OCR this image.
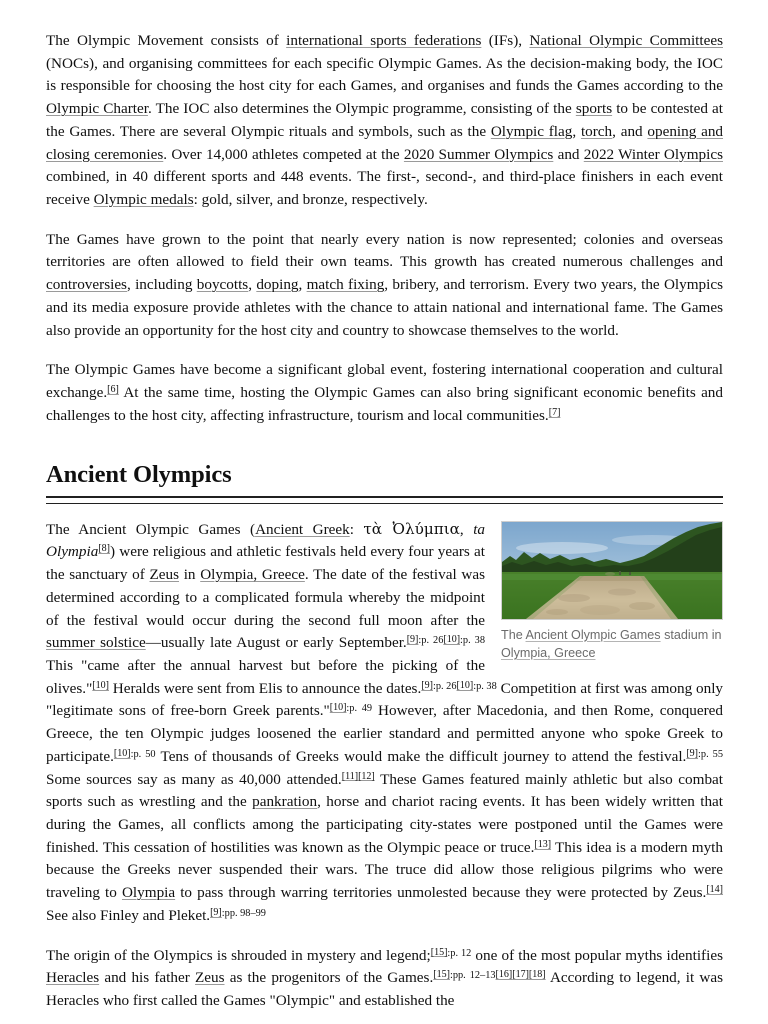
The Olympic Movement consists of international sports federations (IFs), National Olympic Committees (NOCs), and organising committees for each specific Olympic Games. As the decision-making body, the IOC is responsible for choosing the host city for each Games, and organises and funds the Games according to the Olympic Charter. The IOC also determines the Olympic programme, consisting of the sports to be contested at the Games. There are several Olympic rituals and symbols, such as the Olympic flag, torch, and opening and closing ceremonies. Over 14,000 athletes competed at the 2020 Summer Olympics and 2022 Winter Olympics combined, in 40 different sports and 448 events. The first-, second-, and third-place finishers in each event receive Olympic medals: gold, silver, and bronze, respectively.

The Games have grown to the point that nearly every nation is now represented; colonies and overseas territories are often allowed to field their own teams. This growth has created numerous challenges and controversies, including boycotts, doping, match fixing, bribery, and terrorism. Every two years, the Olympics and its media exposure provide athletes with the chance to attain national and international fame. The Games also provide an opportunity for the host city and country to showcase themselves to the world.

The Olympic Games have become a significant global event, fostering international cooperation and cultural exchange.[6] At the same time, hosting the Olympic Games can also bring significant economic benefits and challenges to the host city, affecting infrastructure, tourism and local communities.[7]

Ancient Olympics
The Ancient Olympic Games stadium in Olympia, Greece

The Ancient Olympic Games (Ancient Greek: τὰ Ὀλύμπια, ta Olympia[8]) were religious and athletic festivals held every four years at the sanctuary of Zeus in Olympia, Greece. The date of the festival was determined according to a complicated formula whereby the midpoint of the festival would occur during the second full moon after the summer solstice—usually late August or early September.$^{[9]:p. 26[10]:p. 38}$ This "came after the annual harvest but before the picking of the olives."[10] Heralds were sent from Elis to announce the dates.$^{[9]:p. 26[10]:p. 38}$ Competition at first was among only "legitimate sons of free-born Greek parents."$^{[10]:p. 49}$ However, after Macedonia, and then Rome, conquered Greece, the ten Olympic judges loosened the earlier standard and permitted anyone who spoke Greek to participate.$^{[10]:p. 50}$ Tens of thousands of Greeks would make the difficult journey to attend the festival.$^{[9]:p. 55}$ Some sources say as many as 40,000 attended.[11][12] These Games featured mainly athletic but also combat sports such as wrestling and the pankration, horse and chariot racing events. It has been widely written that during the Games, all conflicts among the participating city-states were postponed until the Games were finished. This cessation of hostilities was known as the Olympic peace or truce.[13] This idea is a modern myth because the Greeks never suspended their wars. The truce did allow those religious pilgrims who were traveling to Olympia to pass through warring territories unmolested because they were protected by Zeus.[14] See also Finley and Pleket.$^{[9]:pp. 98-99}$

The origin of the Olympics is shrouded in mystery and legend;$^{[15]:p. 12}$ one of the most popular myths identifies Heracles and his father Zeus as the progenitors of the Games.[15]:pp. 12–13[16][17][18] According to legend, it was Heracles who first called the Games "Olympic" and established the
